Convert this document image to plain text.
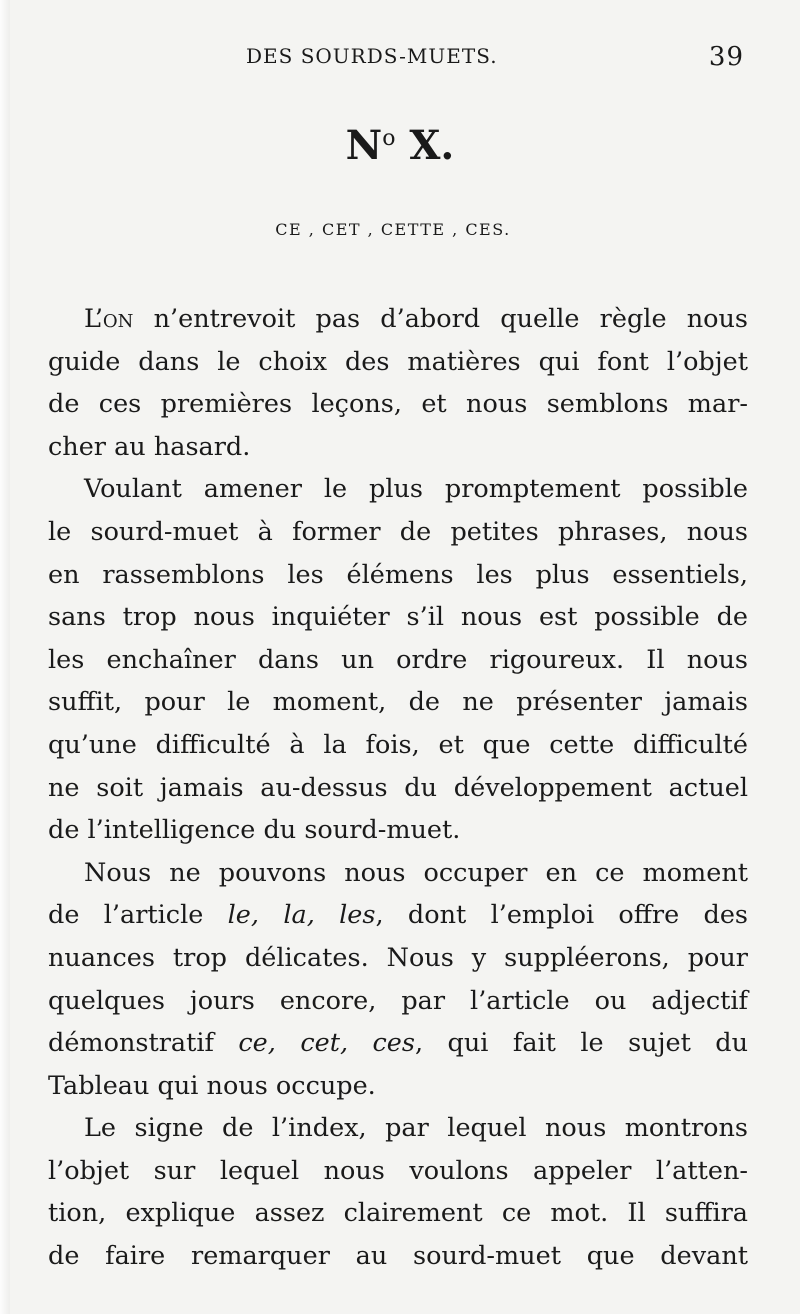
DES SOURDS-MUETS.	39
$N^o$ X.
CE , CET , CETTE , CES.
L’on n’entrevoit pas d’abord quelle règle nous
guide dans le choix des matières qui font l’objet
de ces premières leçons, et nous semblons mar-
cher au hasard.
Voulant amener le plus promptement possible
le sourd-muet à former de petites phrases, nous
en rassemblons les élémens les plus essentiels,
sans trop nous inquiéter s’il nous est possible de
les enchaîner dans un ordre rigoureux. Il nous
suffit, pour le moment, de ne présenter jamais
qu’une difficulté à la fois, et que cette difficulté
ne soit jamais au-dessus du développement actuel
de l’intelligence du sourd-muet.
Nous ne pouvons nous occuper en ce moment
de l’article le, la, les, dont l’emploi offre des
nuances trop délicates. Nous y suppléerons, pour
quelques jours encore, par l’article ou adjectif
démonstratif ce, cet, ces, qui fait le sujet du
Tableau qui nous occupe.
Le signe de l’index, par lequel nous montrons
l’objet sur lequel nous voulons appeler l’atten-
tion, explique assez clairement ce mot. Il suffira
de faire remarquer au sourd-muet que devant
